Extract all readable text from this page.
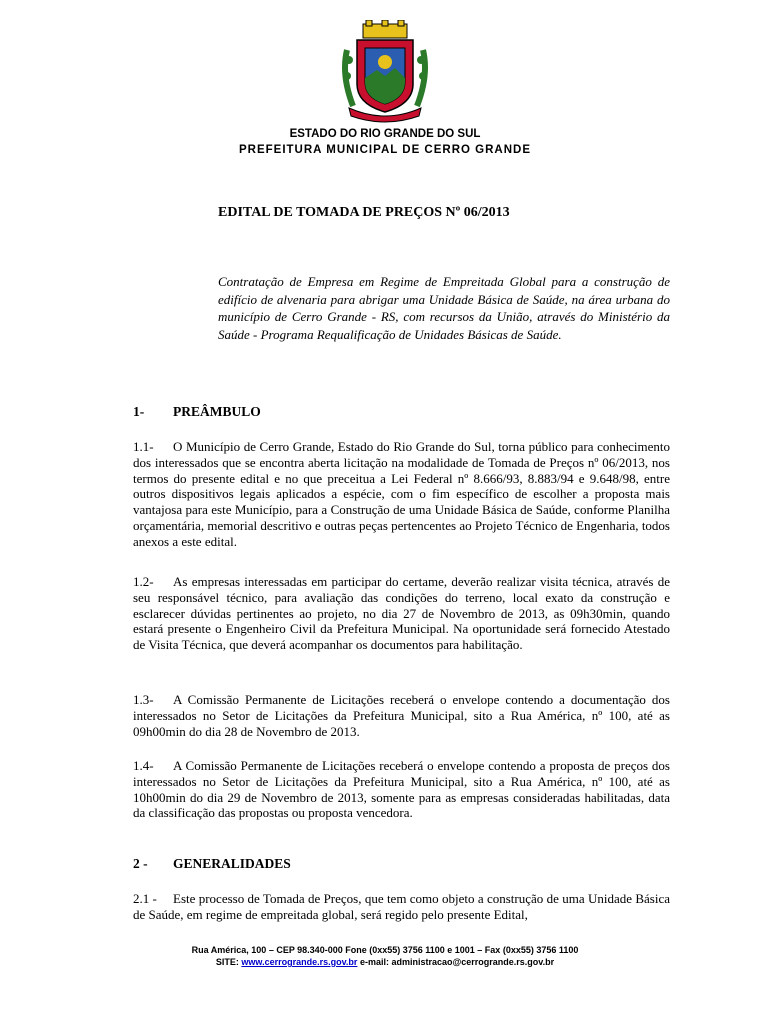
ESTADO DO RIO GRANDE DO SUL
PREFEITURA MUNICIPAL DE CERRO GRANDE
EDITAL DE TOMADA DE PREÇOS Nº 06/2013
Contratação de Empresa em Regime de Empreitada Global para a construção de edifício de alvenaria para abrigar uma Unidade Básica de Saúde, na área urbana do município de Cerro Grande - RS, com recursos da União, através do Ministério da Saúde - Programa Requalificação de Unidades Básicas de Saúde.
1- PREÂMBULO
1.1- O Município de Cerro Grande, Estado do Rio Grande do Sul, torna público para conhecimento dos interessados que se encontra aberta licitação na modalidade de Tomada de Preços nº 06/2013, nos termos do presente edital e no que preceitua a Lei Federal nº 8.666/93, 8.883/94 e 9.648/98, entre outros dispositivos legais aplicados a espécie, com o fim específico de escolher a proposta mais vantajosa para este Município, para a Construção de uma Unidade Básica de Saúde, conforme Planilha orçamentária, memorial descritivo e outras peças pertencentes ao Projeto Técnico de Engenharia, todos anexos a este edital.
1.2- As empresas interessadas em participar do certame, deverão realizar visita técnica, através de seu responsável técnico, para avaliação das condições do terreno, local exato da construção e esclarecer dúvidas pertinentes ao projeto, no dia 27 de Novembro de 2013, as 09h30min, quando estará presente o Engenheiro Civil da Prefeitura Municipal. Na oportunidade será fornecido Atestado de Visita Técnica, que deverá acompanhar os documentos para habilitação.
1.3- A Comissão Permanente de Licitações receberá o envelope contendo a documentação dos interessados no Setor de Licitações da Prefeitura Municipal, sito a Rua América, nº 100, até as 09h00min do dia 28 de Novembro de 2013.
1.4- A Comissão Permanente de Licitações receberá o envelope contendo a proposta de preços dos interessados no Setor de Licitações da Prefeitura Municipal, sito a Rua América, nº 100, até as 10h00min do dia 29 de Novembro de 2013, somente para as empresas consideradas habilitadas, data da classificação das propostas ou proposta vencedora.
2 - GENERALIDADES
2.1 - Este processo de Tomada de Preços, que tem como objeto a construção de uma Unidade Básica de Saúde, em regime de empreitada global, será regido pelo presente Edital,
Rua América, 100 – CEP 98.340-000 Fone (0xx55) 3756 1100 e 1001 – Fax (0xx55) 3756 1100
SITE: www.cerrogrande.rs.gov.br e-mail: administracao@cerrogrande.rs.gov.br
